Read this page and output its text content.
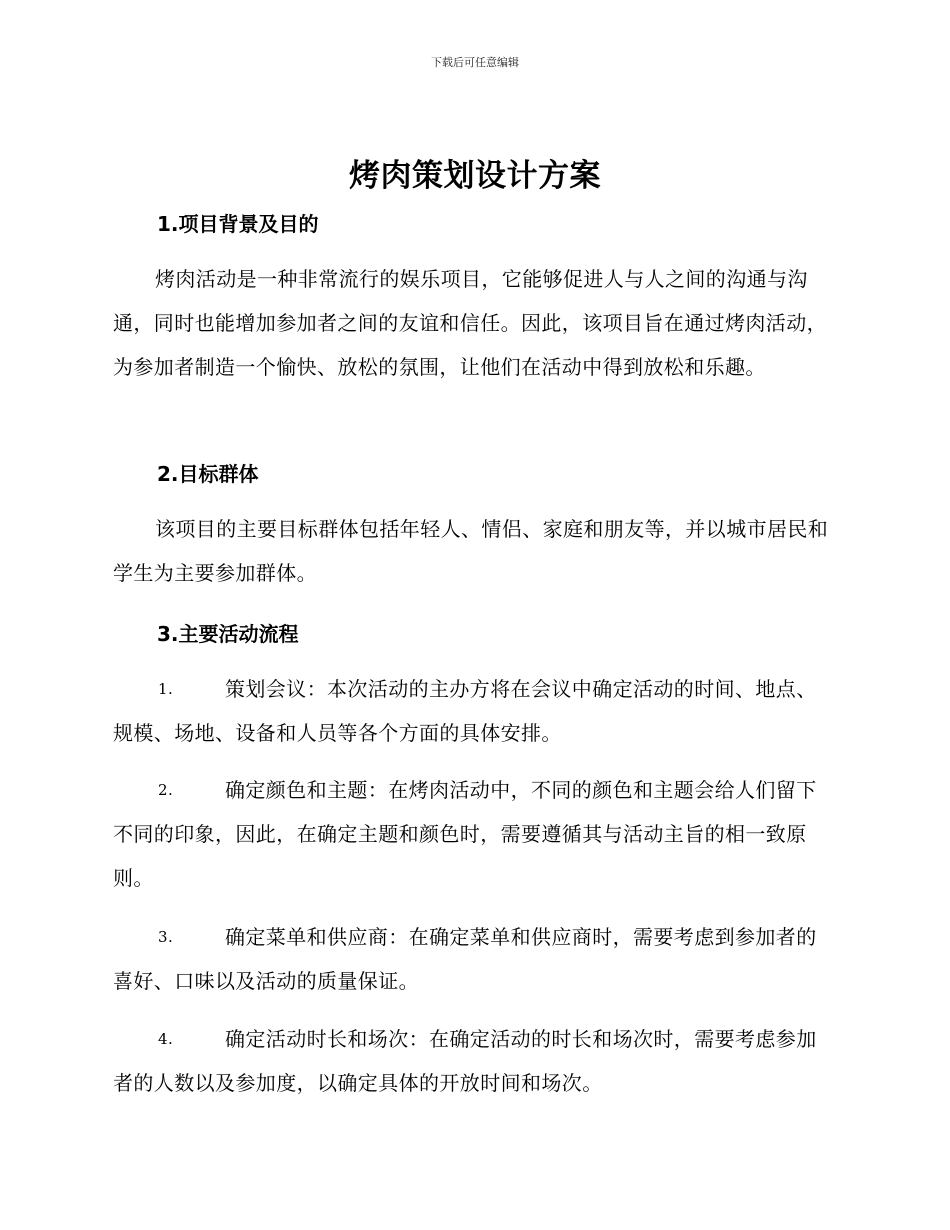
下载后可任意编辑
烤肉策划设计方案
1.项目背景及目的

烤肉活动是一种非常流行的娱乐项目，它能够促进人与人之间的沟通与沟通，同时也能增加参加者之间的友谊和信任。因此，该项目旨在通过烤肉活动，为参加者制造一个愉快、放松的氛围，让他们在活动中得到放松和乐趣。

2.目标群体

该项目的主要目标群体包括年轻人、情侣、家庭和朋友等，并以城市居民和学生为主要参加群体。

3.主要活动流程

1.	策划会议：本次活动的主办方将在会议中确定活动的时间、地点、规模、场地、设备和人员等各个方面的具体安排。

2.	确定颜色和主题：在烤肉活动中，不同的颜色和主题会给人们留下不同的印象，因此，在确定主题和颜色时，需要遵循其与活动主旨的相一致原则。

3.	确定菜单和供应商：在确定菜单和供应商时，需要考虑到参加者的喜好、口味以及活动的质量保证。

4.	确定活动时长和场次：在确定活动的时长和场次时，需要考虑参加者的人数以及参加度，以确定具体的开放时间和场次。
